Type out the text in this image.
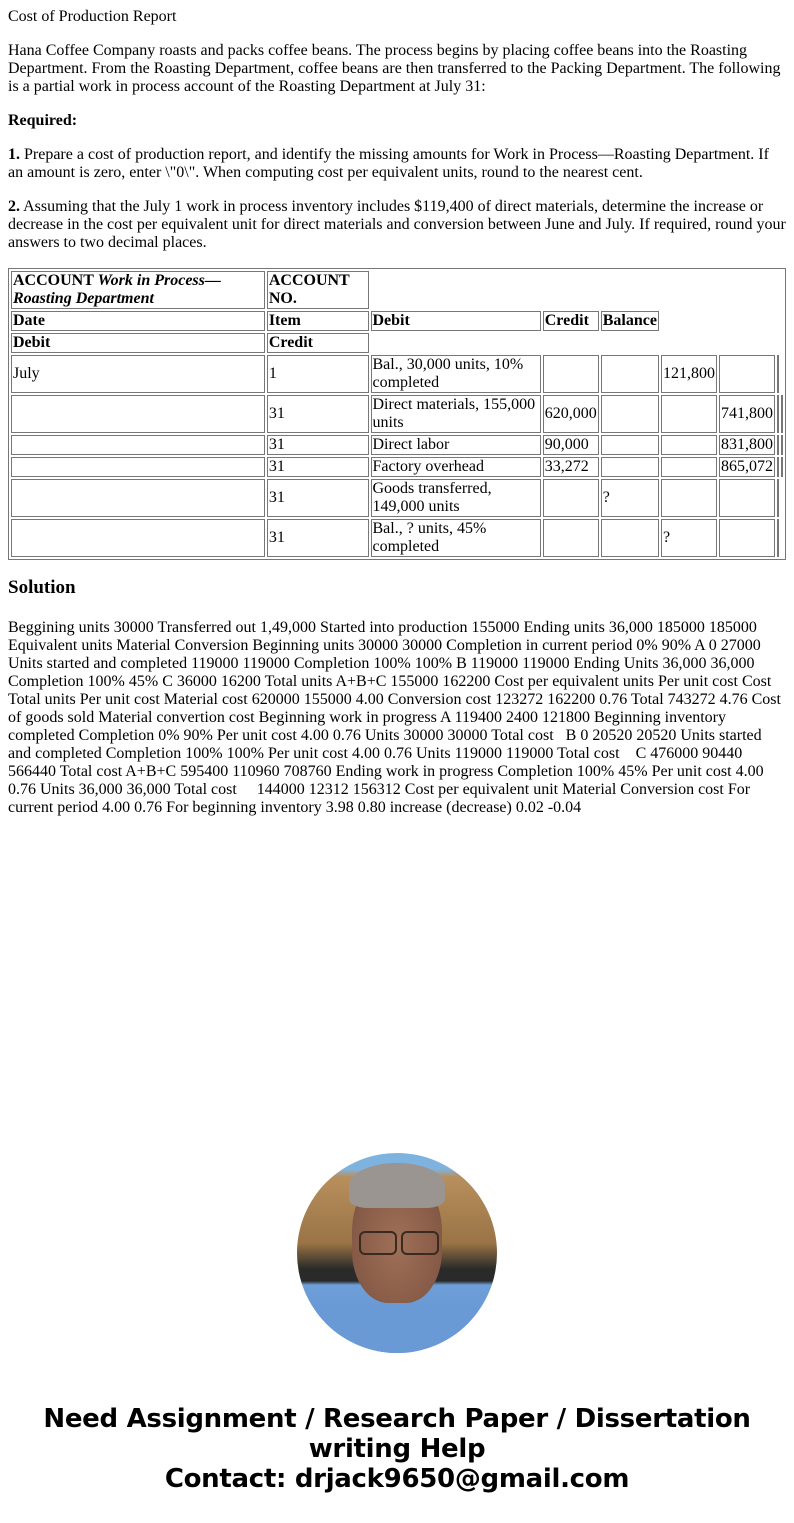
Cost of Production Report

Hana Coffee Company roasts and packs coffee beans. The process begins by placing coffee beans into the Roasting Department. From the Roasting Department, coffee beans are then transferred to the Packing Department. The following is a partial work in process account of the Roasting Department at July 31:

Required:

1. Prepare a cost of production report, and identify the missing amounts for Work in Process—Roasting Department. If an amount is zero, enter \"0\". When computing cost per equivalent units, round to the nearest cent.

2. Assuming that the July 1 work in process inventory includes $119,400 of direct materials, determine the increase or decrease in the cost per equivalent unit for direct materials and conversion between June and July. If required, round your answers to two decimal places.

ACCOUNT Work in Process—Roasting Department	ACCOUNT NO.							
Date	Item	Debit	Credit	Balance				
Debit	Credit							
July	1	Bal., 30,000 units, 10% completed			121,800			
	31	Direct materials, 155,000 units	620,000			741,800		
	31	Direct labor	90,000			831,800		
	31	Factory overhead	33,272			865,072		
	31	Goods transferred, 149,000 units		?				
	31	Bal., ? units, 45% completed			?			
Solution

Beggining units 30000 Transferred out 1,49,000 Started into production 155000 Ending units 36,000 185000 185000 Equivalent units Material Conversion Beginning units 30000 30000 Completion in current period 0% 90% A 0 27000 Units started and completed 119000 119000 Completion 100% 100% B 119000 119000 Ending Units 36,000 36,000 Completion 100% 45% C 36000 16200 Total units A+B+C 155000 162200 Cost per equivalent units Per unit cost Cost Total units Per unit cost Material cost 620000 155000 4.00 Conversion cost 123272 162200 0.76 Total 743272 4.76 Cost of goods sold Material convertion cost Beginning work in progress A 119400 2400 121800 Beginning inventory completed Completion 0% 90% Per unit cost 4.00 0.76 Units 30000 30000 Total cost   B 0 20520 20520 Units started and completed Completion 100% 100% Per unit cost 4.00 0.76 Units 119000 119000 Total cost    C 476000 90440 566440 Total cost A+B+C 595400 110960 708760 Ending work in progress Completion 100% 45% Per unit cost 4.00 0.76 Units 36,000 36,000 Total cost     144000 12312 156312 Cost per equivalent unit Material Conversion cost For current period 4.00 0.76 For beginning inventory 3.98 0.80 increase (decrease) 0.02 -0.04

Need Assignment / Research Paper / Dissertation
writing Help
Contact: drjack9650@gmail.com
